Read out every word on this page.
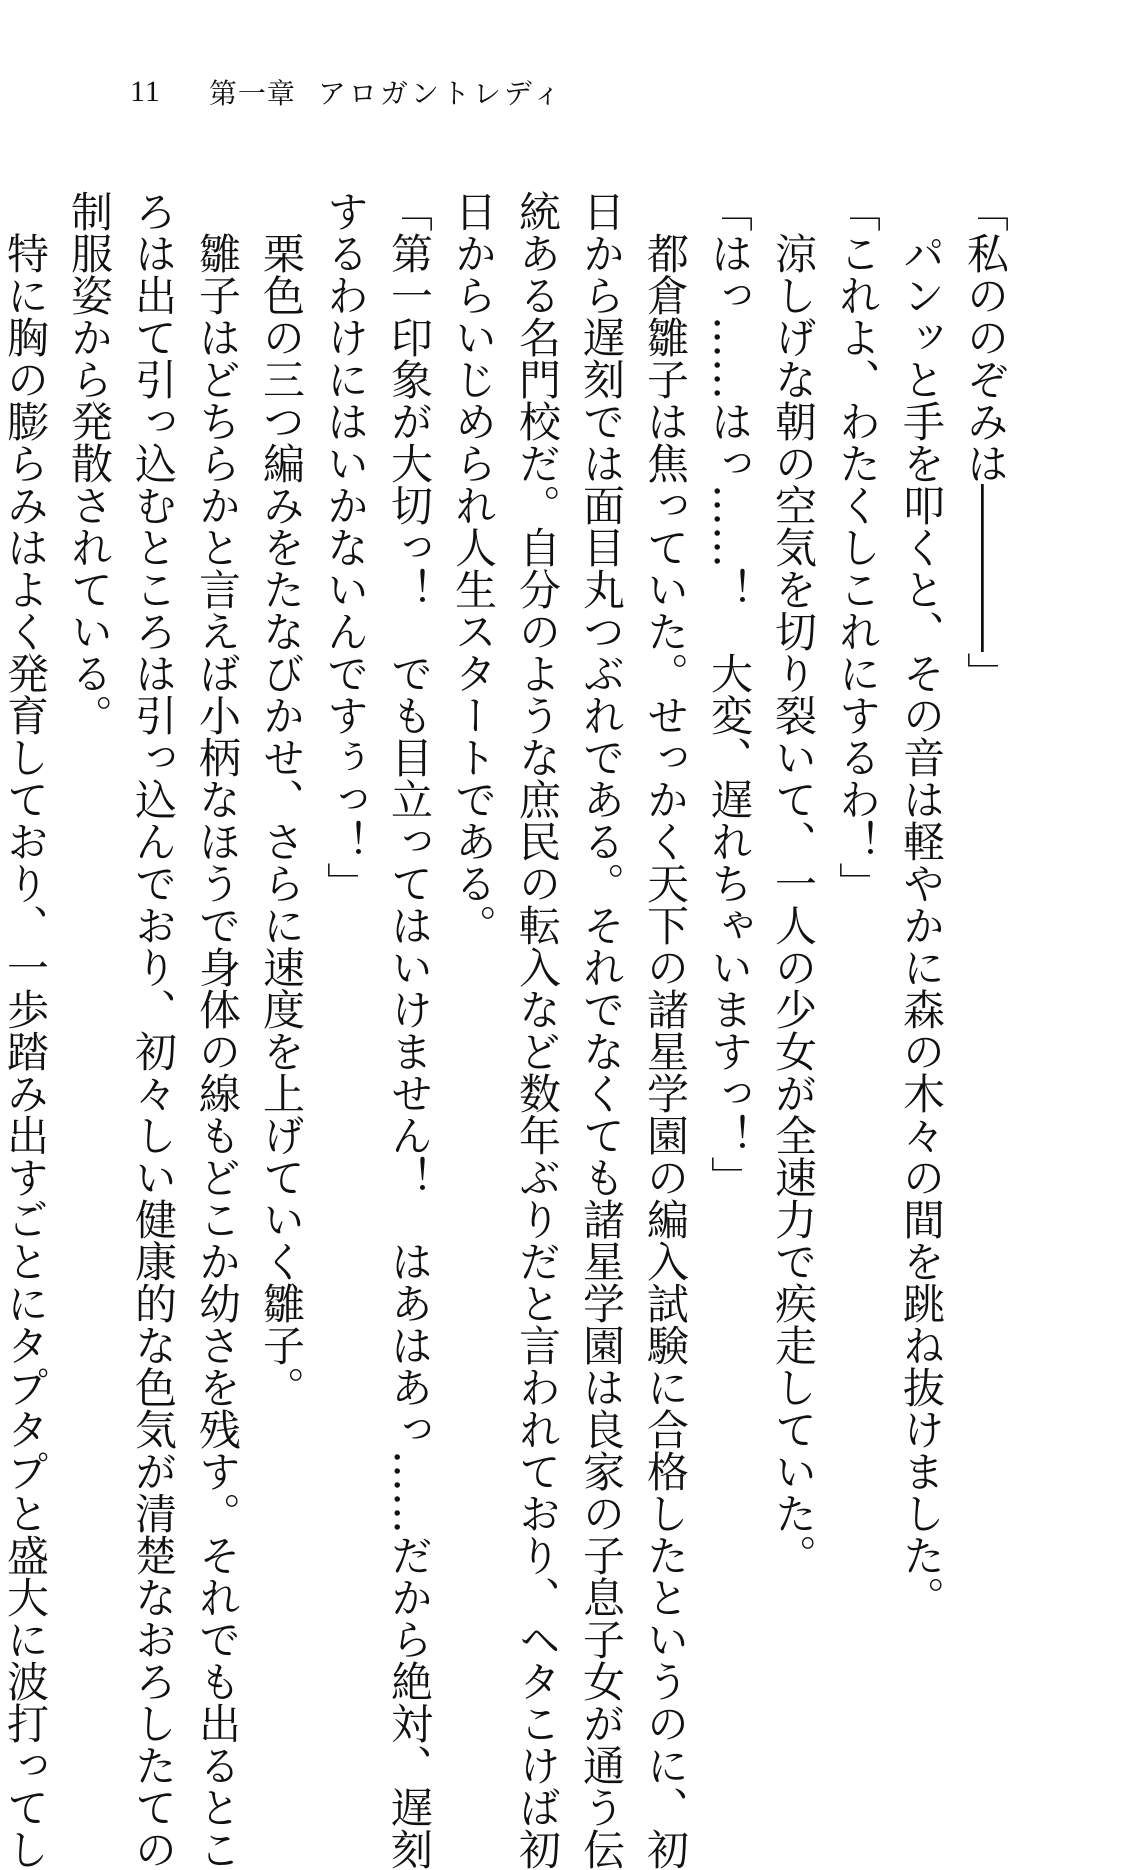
11 第一章 アロガントレディ

「私ののぞみは――――」

パンッと手を叩くと、その音は軽やかに森の木々の間を跳ね抜けました。

「これよ、わたくしこれにするわ！」

涼しげな朝の空気を切り裂いて、一人の少女が全速力で疾走していた。

「はっ……はっ……！　大変、遅れちゃいますっ！」

都倉雛子は焦っていた。せっかく天下の諸星学園の編入試験に合格したというのに、初

日から遅刻では面目丸つぶれである。それでなくても諸星学園は良家の子息子女が通う伝

統ある名門校だ。自分のような庶民の転入など数年ぶりだと言われており、ヘタこけば初

日からいじめられ人生スタートである。

「第一印象が大切っ！　でも目立ってはいけません！　はあはあっ……だから絶対、遅刻

するわけにはいかないんですぅっ！」

栗色の三つ編みをたなびかせ、さらに速度を上げていく雛子。

雛子はどちらかと言えば小柄なほうで身体の線もどこか幼さを残す。それでも出るとこ

ろは出て引っ込むところは引っ込んでおり、初々しい健康的な色気が清楚なおろしたての

制服姿から発散されている。

特に胸の膨らみはよく発育しており、一歩踏み出すごとにタプタプと盛大に波打ってし
